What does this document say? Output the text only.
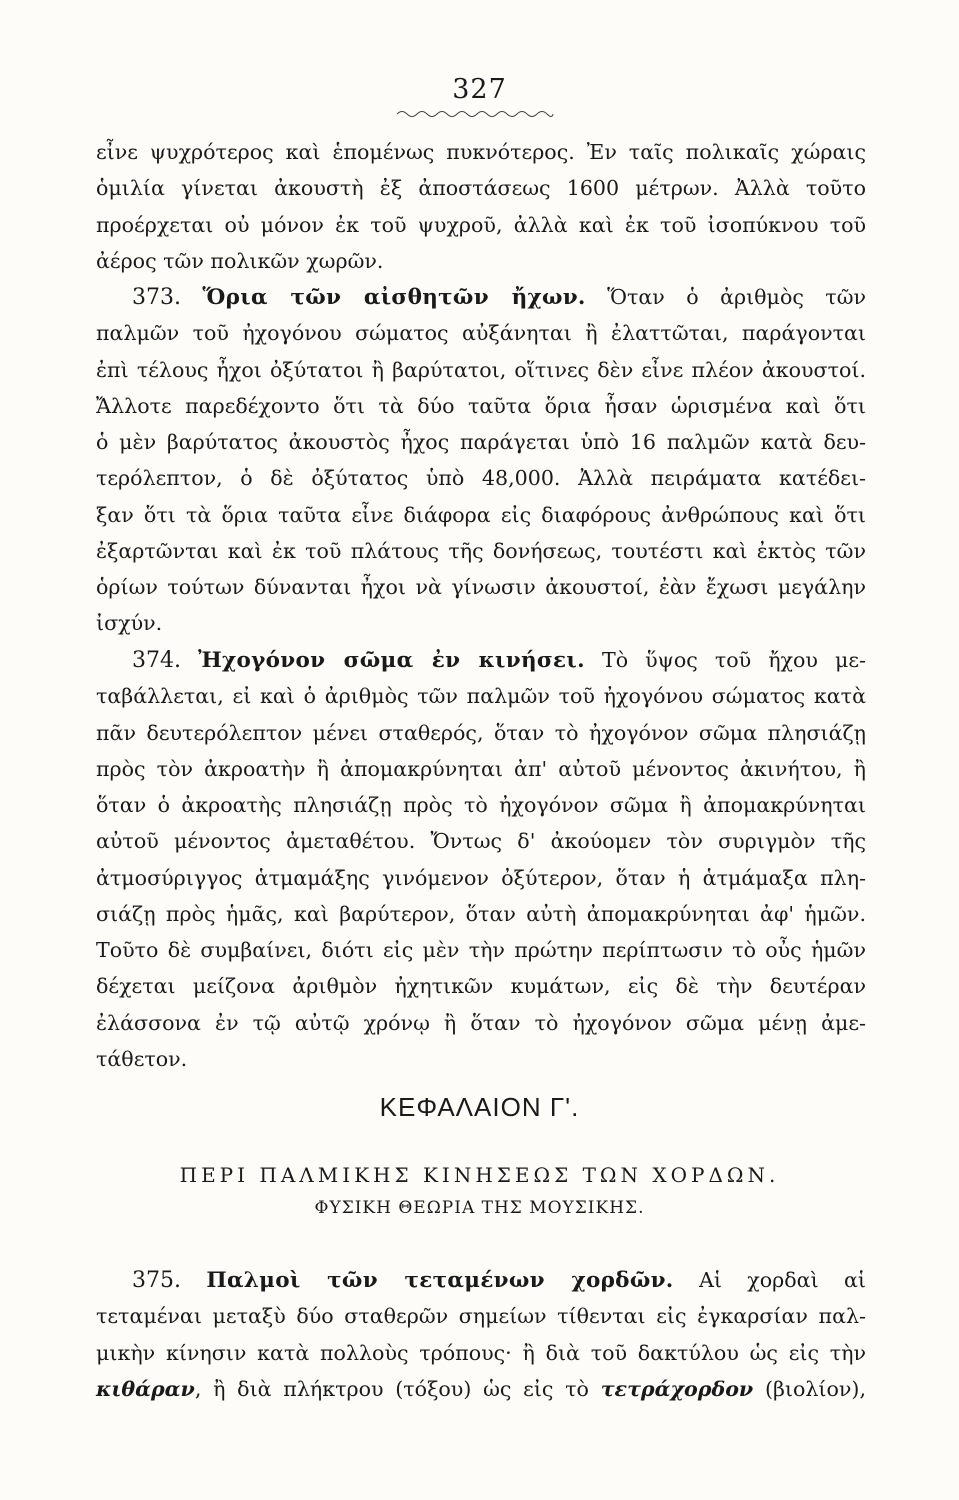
327
εἶνε ψυχρότερος καὶ ἑπομένως πυκνότερος. Ἐν ταῖς πολικαῖς χώραις
ὁμιλία γίνεται ἀκουστὴ ἐξ ἀποστάσεως 1600 μέτρων. Ἀλλὰ τοῦτο
προέρχεται οὐ μόνον ἐκ τοῦ ψυχροῦ, ἀλλὰ καὶ ἐκ τοῦ ἰσοπύκνου τοῦ
ἀέρος τῶν πολικῶν χωρῶν.
373. Ὅρια τῶν αἰσθητῶν ἤχων. Ὅταν ὁ ἀριθμὸς τῶν
παλμῶν τοῦ ἠχογόνου σώματος αὐξάνηται ἢ ἐλαττῶται, παράγονται
ἐπὶ τέλους ἦχοι ὀξύτατοι ἢ βαρύτατοι, οἵτινες δὲν εἶνε πλέον ἀκουστοί.
Ἄλλοτε παρεδέχοντο ὅτι τὰ δύο ταῦτα ὅρια ἦσαν ὡρισμένα καὶ ὅτι
ὁ μὲν βαρύτατος ἀκουστὸς ἦχος παράγεται ὑπὸ 16 παλμῶν κατὰ δευ-
τερόλεπτον, ὁ δὲ ὀξύτατος ὑπὸ 48,000. Ἀλλὰ πειράματα κατέδει-
ξαν ὅτι τὰ ὅρια ταῦτα εἶνε διάφορα εἰς διαφόρους ἀνθρώπους καὶ ὅτι
ἐξαρτῶνται καὶ ἐκ τοῦ πλάτους τῆς δονήσεως, τουτέστι καὶ ἐκτὸς τῶν
ὁρίων τούτων δύνανται ἦχοι νὰ γίνωσιν ἀκουστοί, ἐὰν ἔχωσι μεγάλην
ἰσχύν.
374. Ἠχογόνον σῶμα ἐν κινήσει. Τὸ ὕψος τοῦ ἤχου με-
ταβάλλεται, εἰ καὶ ὁ ἀριθμὸς τῶν παλμῶν τοῦ ἠχογόνου σώματος κατὰ
πᾶν δευτερόλεπτον μένει σταθερός, ὅταν τὸ ἠχογόνον σῶμα πλησιάζῃ
πρὸς τὸν ἀκροατὴν ἢ ἀπομακρύνηται ἀπ' αὐτοῦ μένοντος ἀκινήτου, ἢ
ὅταν ὁ ἀκροατὴς πλησιάζῃ πρὸς τὸ ἠχογόνον σῶμα ἢ ἀπομακρύνηται
αὐτοῦ μένοντος ἀμεταθέτου. Ὄντως δ' ἀκούομεν τὸν συριγμὸν τῆς
ἀτμοσύριγγος ἁτμαμάξης γινόμενον ὀξύτερον, ὅταν ἡ ἁτμάμαξα πλη-
σιάζῃ πρὸς ἡμᾶς, καὶ βαρύτερον, ὅταν αὐτὴ ἀπομακρύνηται ἀφ' ἡμῶν.
Τοῦτο δὲ συμβαίνει, διότι εἰς μὲν τὴν πρώτην περίπτωσιν τὸ οὖς ἡμῶν
δέχεται μείζονα ἀριθμὸν ἠχητικῶν κυμάτων, εἰς δὲ τὴν δευτέραν
ἐλάσσονα ἐν τῷ αὐτῷ χρόνῳ ἢ ὅταν τὸ ἠχογόνον σῶμα μένῃ ἀμε-
τάθετον.
ΚΕΦΑΛΑΙΟΝ Γ'.
ΠΕΡΙ ΠΑΛΜΙΚΗΣ ΚΙΝΗΣΕΩΣ ΤΩΝ ΧΟΡΔΩΝ.
ΦΥΣΙΚΗ ΘΕΩΡΙΑ ΤΗΣ ΜΟΥΣΙΚΗΣ.
375. Παλμοὶ τῶν τεταμένων χορδῶν. Αἱ χορδαὶ αἱ
τεταμέναι μεταξὺ δύο σταθερῶν σημείων τίθενται εἰς ἐγκαρσίαν παλ-
μικὴν κίνησιν κατὰ πολλοὺς τρόπους· ἢ διὰ τοῦ δακτύλου ὡς εἰς τὴν
κιθάραν, ἢ διὰ πλήκτρου (τόξου) ὡς εἰς τὸ τετράχορδον (βιολίον),
